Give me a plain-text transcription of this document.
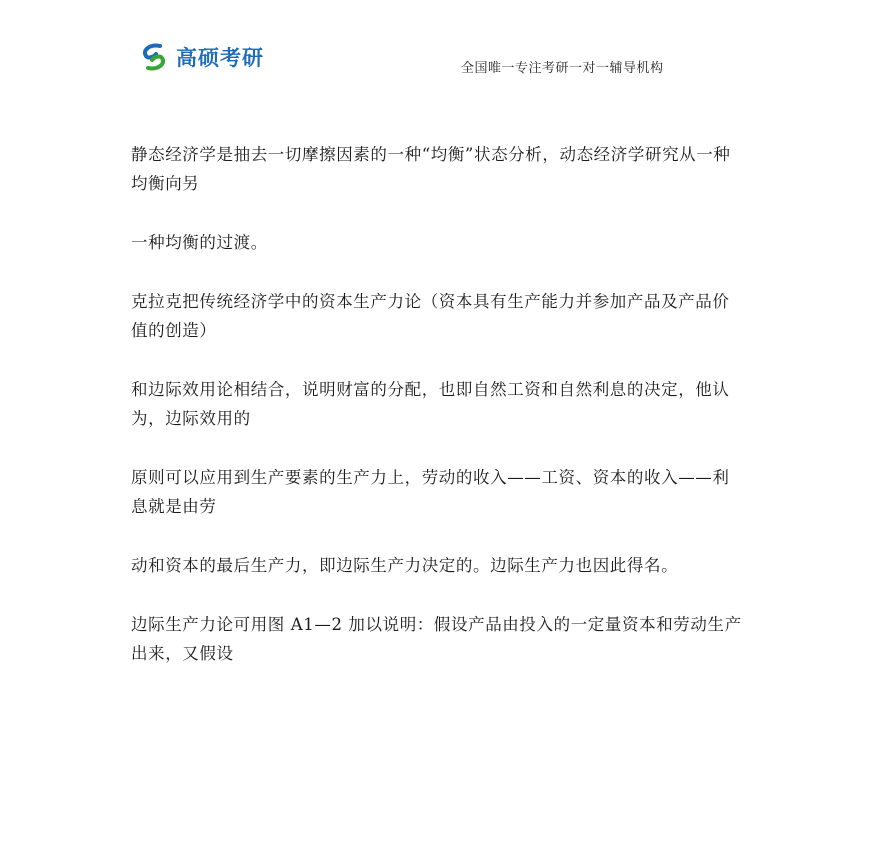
高硕考研	全国唯一专注考研一对一辅导机构

静态经济学是抽去一切摩擦因素的一种“均衡”状态分析，动态经济学研究从一种均衡向另

一种均衡的过渡。

克拉克把传统经济学中的资本生产力论（资本具有生产能力并参加产品及产品价值的创造）

和边际效用论相结合，说明财富的分配，也即自然工资和自然利息的决定，他认为，边际效用的

原则可以应用到生产要素的生产力上，劳动的收入——工资、资本的收入——利息就是由劳

动和资本的最后生产力，即边际生产力决定的。边际生产力也因此得名。

边际生产力论可用图 A1—2 加以说明：假设产品由投入的一定量资本和劳动生产出来，又假设
